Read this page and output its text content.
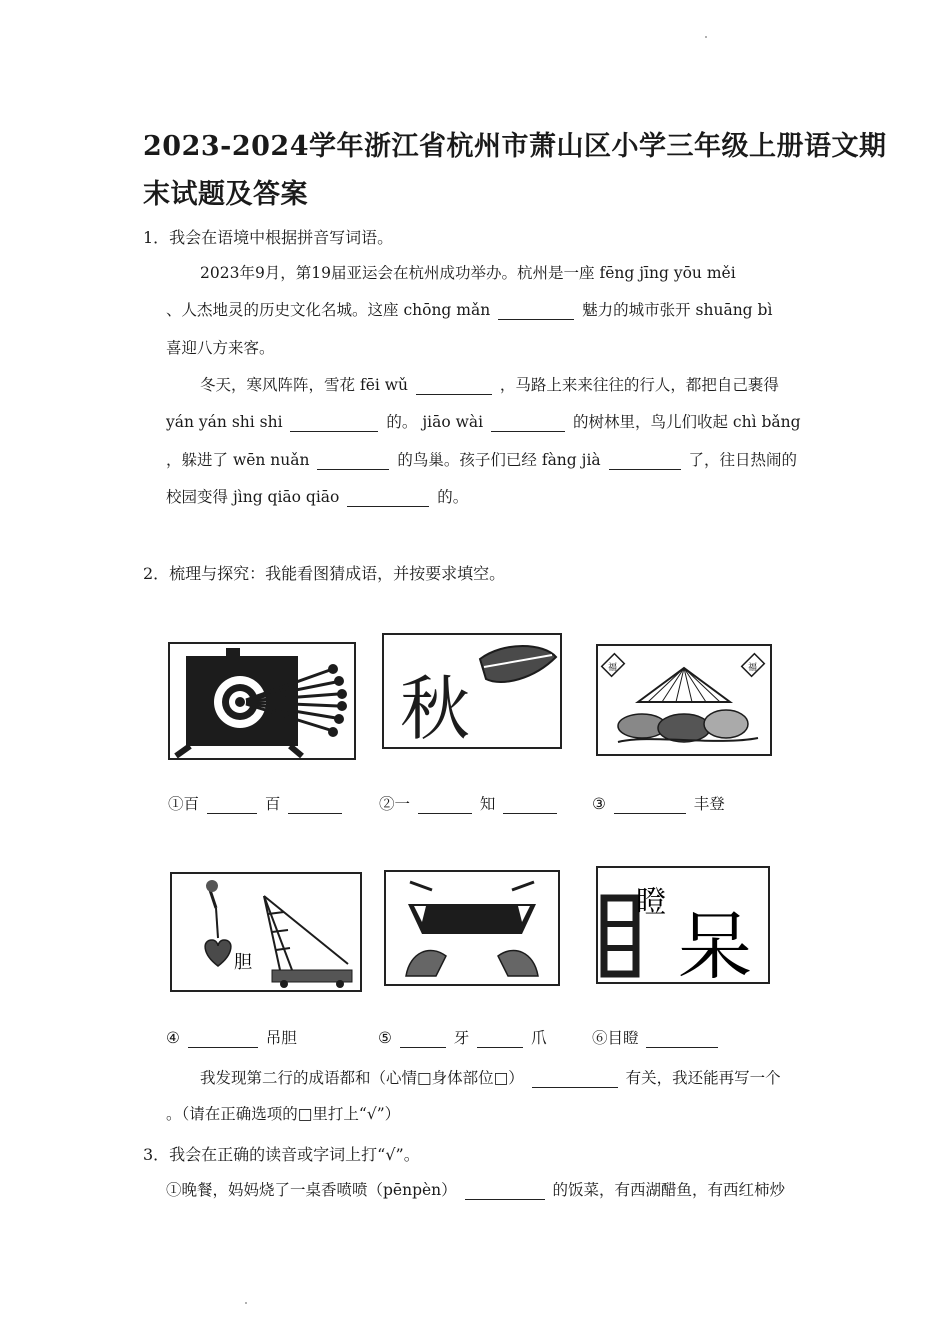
2023-2024学年浙江省杭州市萧山区小学三年级上册语文期
末试题及答案
1．我会在语境中根据拼音写词语。
2023年9月，第19届亚运会在杭州成功举办。杭州是一座 fēng jīng yōu měi
、人杰地灵的历史文化名城。这座 chōng mǎn	魅力的城市张开 shuāng bì
喜迎八方来客。
冬天，寒风阵阵，雪花 fēi wǔ	，马路上来来往往的行人，都把自己裹得
yán yán shi shi	的。 jiāo wài	的树林里，鸟儿们收起 chì bǎng
，躲进了 wēn nuǎn	的鸟巢。孩子们已经 fàng jià	了，往日热闹的
校园变得 jìng qiāo qiāo	的。
2．梳理与探究：我能看图猜成语，并按要求填空。
秋	福	福
①百	百	②一	知	③	丰登
胆
瞪
呆
④	吊胆	⑤	牙	爪	⑥目瞪
我发现第二行的成语都和（心情□身体部位□）	有关，我还能再写一个
。（请在正确选项的□里打上“√”）
3．我会在正确的读音或字词上打“√”。
①晚餐，妈妈烧了一桌香喷喷（pēnpèn）	的饭菜，有西湖醋鱼，有西红柿炒
